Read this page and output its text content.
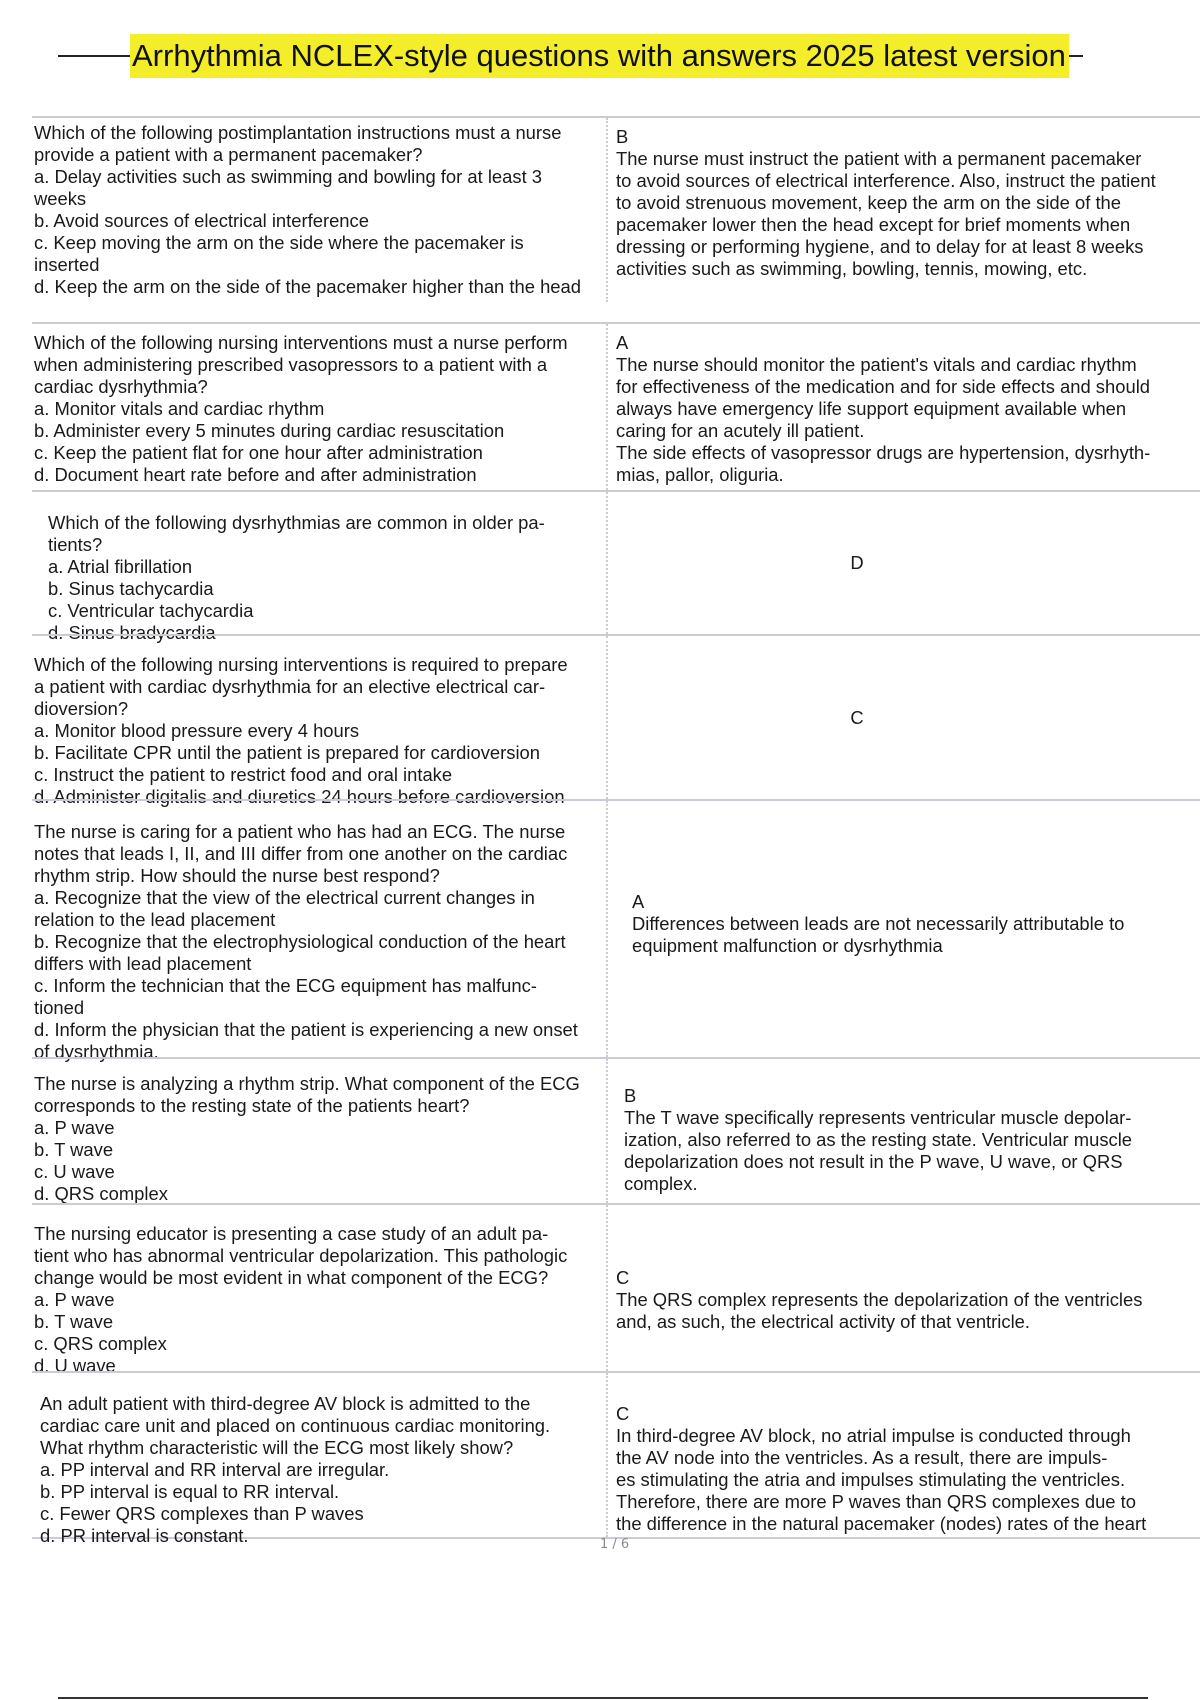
Arrhythmia NCLEX-style questions with answers 2025 latest version
Which of the following postimplantation instructions must a nurse
provide a patient with a permanent pacemaker?
a. Delay activities such as swimming and bowling for at least 3
weeks
b. Avoid sources of electrical interference
c. Keep moving the arm on the side where the pacemaker is
inserted
d. Keep the arm on the side of the pacemaker higher than the head
B
The nurse must instruct the patient with a permanent pacemaker
to avoid sources of electrical interference. Also, instruct the patient
to avoid strenuous movement, keep the arm on the side of the
pacemaker lower then the head except for brief moments when
dressing or performing hygiene, and to delay for at least 8 weeks
activities such as swimming, bowling, tennis, mowing, etc.
Which of the following nursing interventions must a nurse perform
when administering prescribed vasopressors to a patient with a
cardiac dysrhythmia?
a. Monitor vitals and cardiac rhythm
b. Administer every 5 minutes during cardiac resuscitation
c. Keep the patient flat for one hour after administration
d. Document heart rate before and after administration
A
The nurse should monitor the patient's vitals and cardiac rhythm
for effectiveness of the medication and for side effects and should
always have emergency life support equipment available when
caring for an acutely ill patient.
The side effects of vasopressor drugs are hypertension, dysrhyth-
mias, pallor, oliguria.
Which of the following dysrhythmias are common in older pa-
tients?
a. Atrial fibrillation
b. Sinus tachycardia
c. Ventricular tachycardia
d. Sinus bradycardia
D
Which of the following nursing interventions is required to prepare
a patient with cardiac dysrhythmia for an elective electrical car-
dioversion?
a. Monitor blood pressure every 4 hours
b. Facilitate CPR until the patient is prepared for cardioversion
c. Instruct the patient to restrict food and oral intake
d. Administer digitalis and diuretics 24 hours before cardioversion
C
The nurse is caring for a patient who has had an ECG. The nurse
notes that leads I, II, and III differ from one another on the cardiac
rhythm strip. How should the nurse best respond?
a. Recognize that the view of the electrical current changes in
relation to the lead placement
b. Recognize that the electrophysiological conduction of the heart
differs with lead placement
c. Inform the technician that the ECG equipment has malfunc-
tioned
d. Inform the physician that the patient is experiencing a new onset
of dysrhythmia.
A
Differences between leads are not necessarily attributable to
equipment malfunction or dysrhythmia
The nurse is analyzing a rhythm strip. What component of the ECG
corresponds to the resting state of the patients heart?
a. P wave
b. T wave
c. U wave
d. QRS complex
B
The T wave specifically represents ventricular muscle depolar-
ization, also referred to as the resting state. Ventricular muscle
depolarization does not result in the P wave, U wave, or QRS
complex.
The nursing educator is presenting a case study of an adult pa-
tient who has abnormal ventricular depolarization. This pathologic
change would be most evident in what component of the ECG?
a. P wave
b. T wave
c. QRS complex
d. U wave
C
The QRS complex represents the depolarization of the ventricles
and, as such, the electrical activity of that ventricle.
An adult patient with third-degree AV block is admitted to the
cardiac care unit and placed on continuous cardiac monitoring.
What rhythm characteristic will the ECG most likely show?
a. PP interval and RR interval are irregular.
b. PP interval is equal to RR interval.
c. Fewer QRS complexes than P waves
d. PR interval is constant.
C
In third-degree AV block, no atrial impulse is conducted through
the AV node into the ventricles. As a result, there are impuls-
es stimulating the atria and impulses stimulating the ventricles.
Therefore, there are more P waves than QRS complexes due to
the difference in the natural pacemaker (nodes) rates of the heart
1 / 6
